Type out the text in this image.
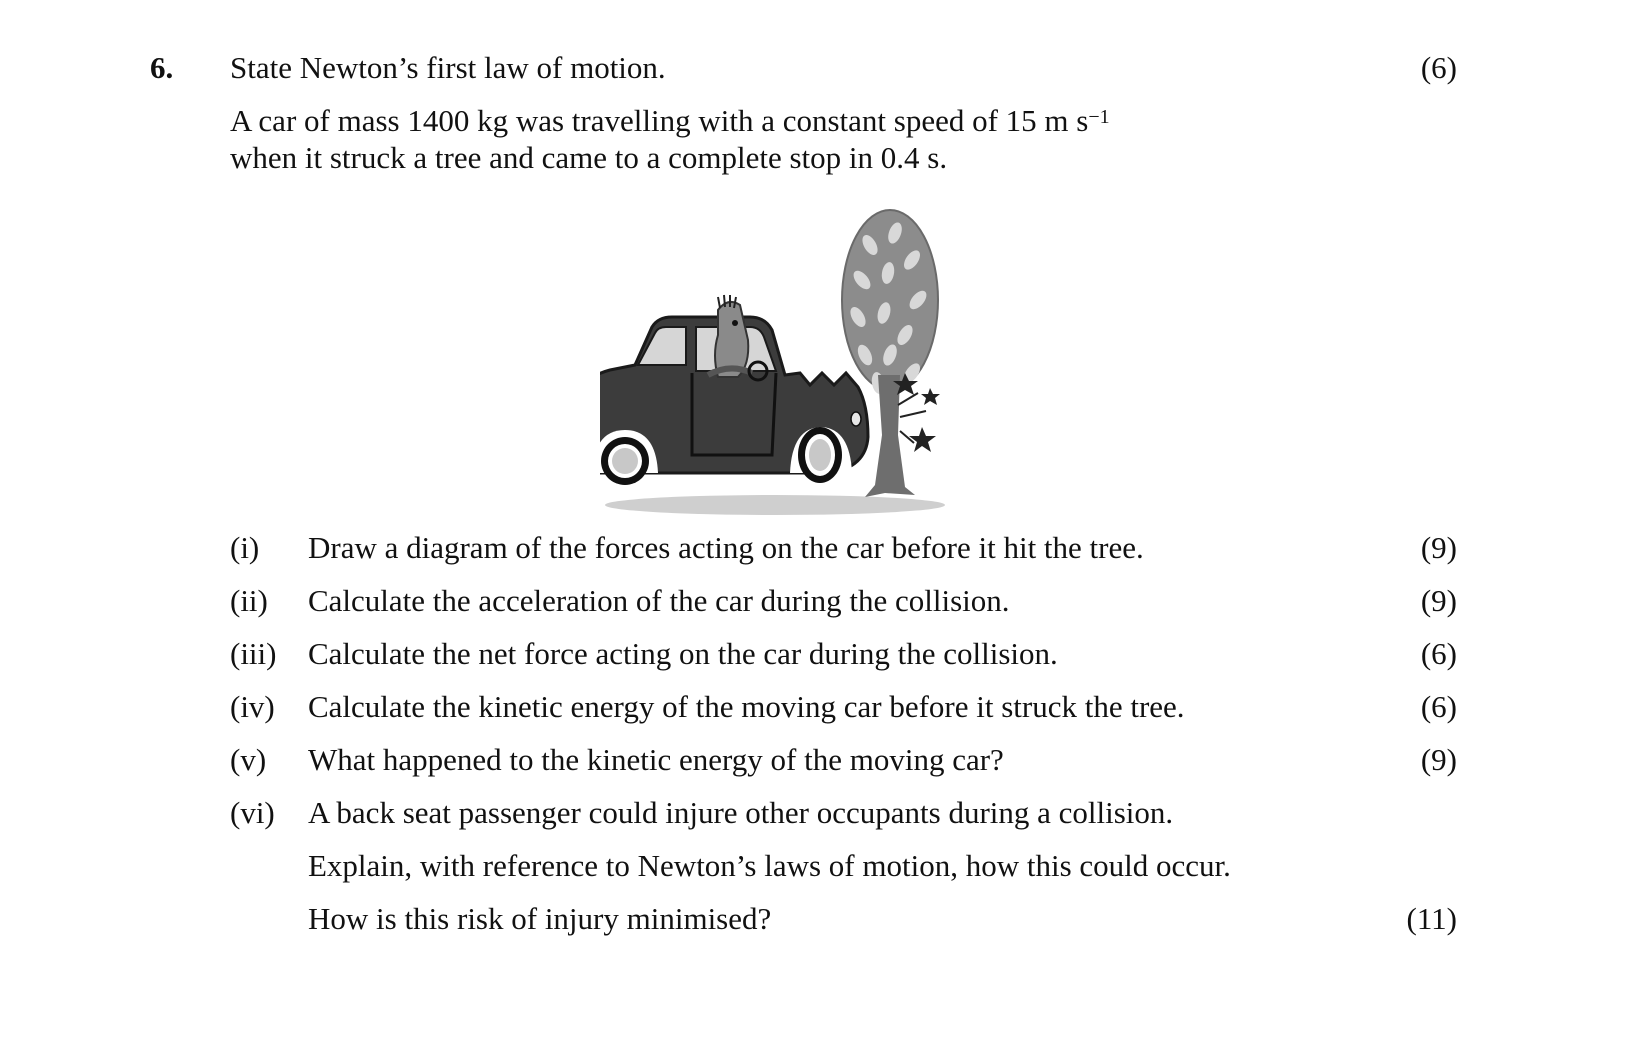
6. State Newton’s first law of motion.	(6)
A car of mass 1400 kg was travelling with a constant speed of 15 m $s^{-1}$
when it struck a tree and came to a complete stop in 0.4 s.
(i) Draw a diagram of the forces acting on the car before it hit the tree.	(9)
(ii) Calculate the acceleration of the car during the collision.	(9)
(iii) Calculate the net force acting on the car during the collision.	(6)
(iv) Calculate the kinetic energy of the moving car before it struck the tree.	(6)
(v) What happened to the kinetic energy of the moving car?	(9)
(vi) A back seat passenger could injure other occupants during a collision.
Explain, with reference to Newton’s laws of motion, how this could occur.
How is this risk of injury minimised?	(11)
